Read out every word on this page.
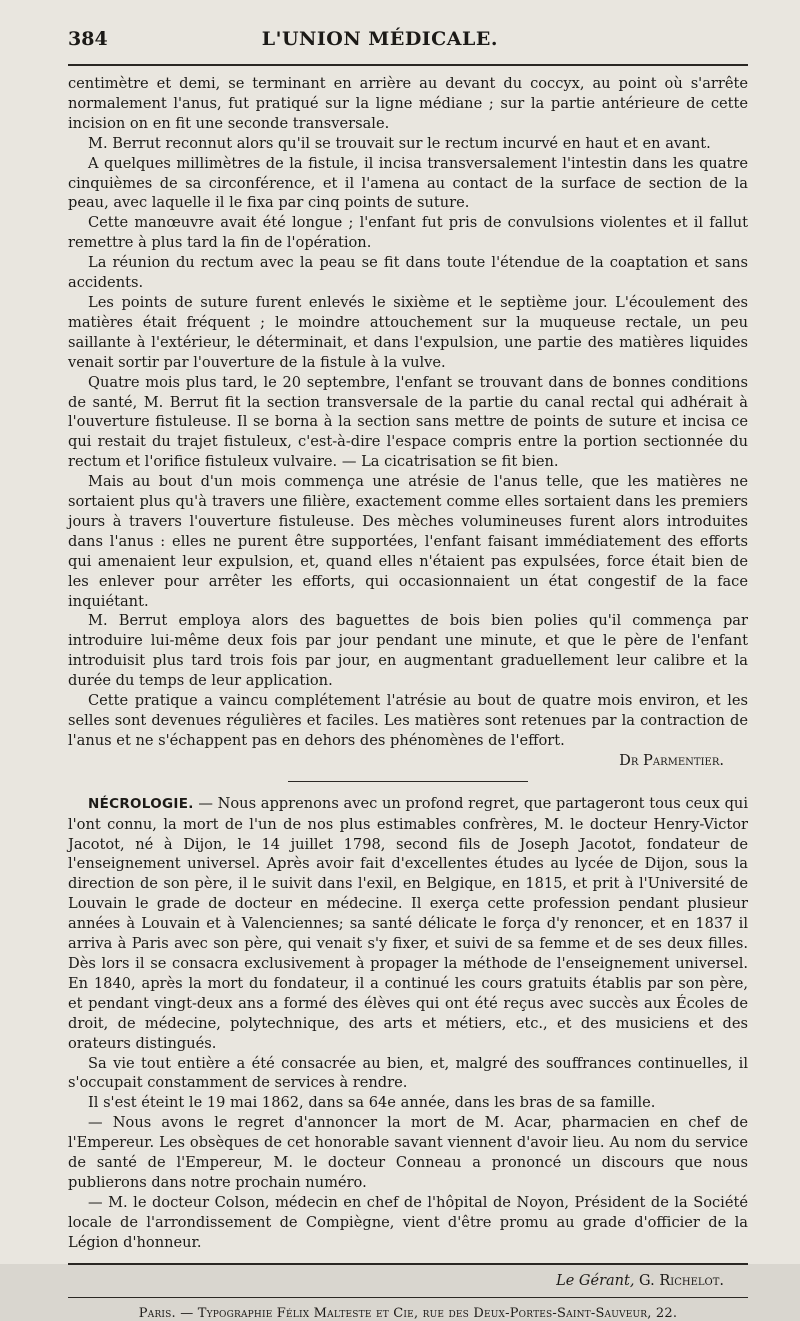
384	L'UNION MÉDICALE.

centimètre et demi, se terminant en arrière au devant du coccyx, au point où s'arrête normalement l'anus, fut pratiqué sur la ligne médiane ; sur la partie antérieure de cette incision on en fit une seconde transversale.

M. Berrut reconnut alors qu'il se trouvait sur le rectum incurvé en haut et en avant.

A quelques millimètres de la fistule, il incisa transversalement l'intestin dans les quatre cinquièmes de sa circonférence, et il l'amena au contact de la surface de section de la peau, avec laquelle il le fixa par cinq points de suture.

Cette manœuvre avait été longue ; l'enfant fut pris de convulsions violentes et il fallut remettre à plus tard la fin de l'opération.

La réunion du rectum avec la peau se fit dans toute l'étendue de la coaptation et sans accidents.

Les points de suture furent enlevés le sixième et le septième jour. L'écoulement des matières était fréquent ; le moindre attouchement sur la muqueuse rectale, un peu saillante à l'extérieur, le déterminait, et dans l'expulsion, une partie des matières liquides venait sortir par l'ouverture de la fistule à la vulve.

Quatre mois plus tard, le 20 septembre, l'enfant se trouvant dans de bonnes conditions de santé, M. Berrut fit la section transversale de la partie du canal rectal qui adhérait à l'ouverture fistuleuse. Il se borna à la section sans mettre de points de suture et incisa ce qui restait du trajet fistuleux, c'est-à-dire l'espace compris entre la portion sectionnée du rectum et l'orifice fistuleux vulvaire. — La cicatrisation se fit bien.

Mais au bout d'un mois commença une atrésie de l'anus telle, que les matières ne sortaient plus qu'à travers une filière, exactement comme elles sortaient dans les premiers jours à travers l'ouverture fistuleuse. Des mèches volumineuses furent alors introduites dans l'anus : elles ne purent être supportées, l'enfant faisant immédiatement des efforts qui amenaient leur expulsion, et, quand elles n'étaient pas expulsées, force était bien de les enlever pour arrêter les efforts, qui occasionnaient un état congestif de la face inquiétant.

M. Berrut employa alors des baguettes de bois bien polies qu'il commença par introduire lui-même deux fois par jour pendant une minute, et que le père de l'enfant introduisit plus tard trois fois par jour, en augmentant graduellement leur calibre et la durée du temps de leur application.

Cette pratique a vaincu complétement l'atrésie au bout de quatre mois environ, et les selles sont devenues régulières et faciles. Les matières sont retenues par la contraction de l'anus et ne s'échappent pas en dehors des phénomènes de l'effort.

Dr Parmentier.

NÉCROLOGIE. — Nous apprenons avec un profond regret, que partageront tous ceux qui l'ont connu, la mort de l'un de nos plus estimables confrères, M. le docteur Henry-Victor Jacotot, né à Dijon, le 14 juillet 1798, second fils de Joseph Jacotot, fondateur de l'enseignement universel. Après avoir fait d'excellentes études au lycée de Dijon, sous la direction de son père, il le suivit dans l'exil, en Belgique, en 1815, et prit à l'Université de Louvain le grade de docteur en médecine. Il exerça cette profession pendant plusieur années à Louvain et à Valenciennes; sa santé délicate le força d'y renoncer, et en 1837 il arriva à Paris avec son père, qui venait s'y fixer, et suivi de sa femme et de ses deux filles. Dès lors il se consacra exclusivement à propager la méthode de l'enseignement universel. En 1840, après la mort du fondateur, il a continué les cours gratuits établis par son père, et pendant vingt-deux ans a formé des élèves qui ont été reçus avec succès aux Écoles de droit, de médecine, polytechnique, des arts et métiers, etc., et des musiciens et des orateurs distingués.

Sa vie tout entière a été consacrée au bien, et, malgré des souffrances continuelles, il s'occupait constamment de services à rendre.

Il s'est éteint le 19 mai 1862, dans sa 64e année, dans les bras de sa famille.

— Nous avons le regret d'annoncer la mort de M. Acar, pharmacien en chef de l'Empereur. Les obsèques de cet honorable savant viennent d'avoir lieu. Au nom du service de santé de l'Empereur, M. le docteur Conneau a prononcé un discours que nous publierons dans notre prochain numéro.

— M. le docteur Colson, médecin en chef de l'hôpital de Noyon, Président de la Société locale de l'arrondissement de Compiègne, vient d'être promu au grade d'officier de la Légion d'honneur.

Le Gérant, G. Richelot.
Paris. — Typographie Félix Malteste et Cie, rue des Deux-Portes-Saint-Sauveur, 22.
